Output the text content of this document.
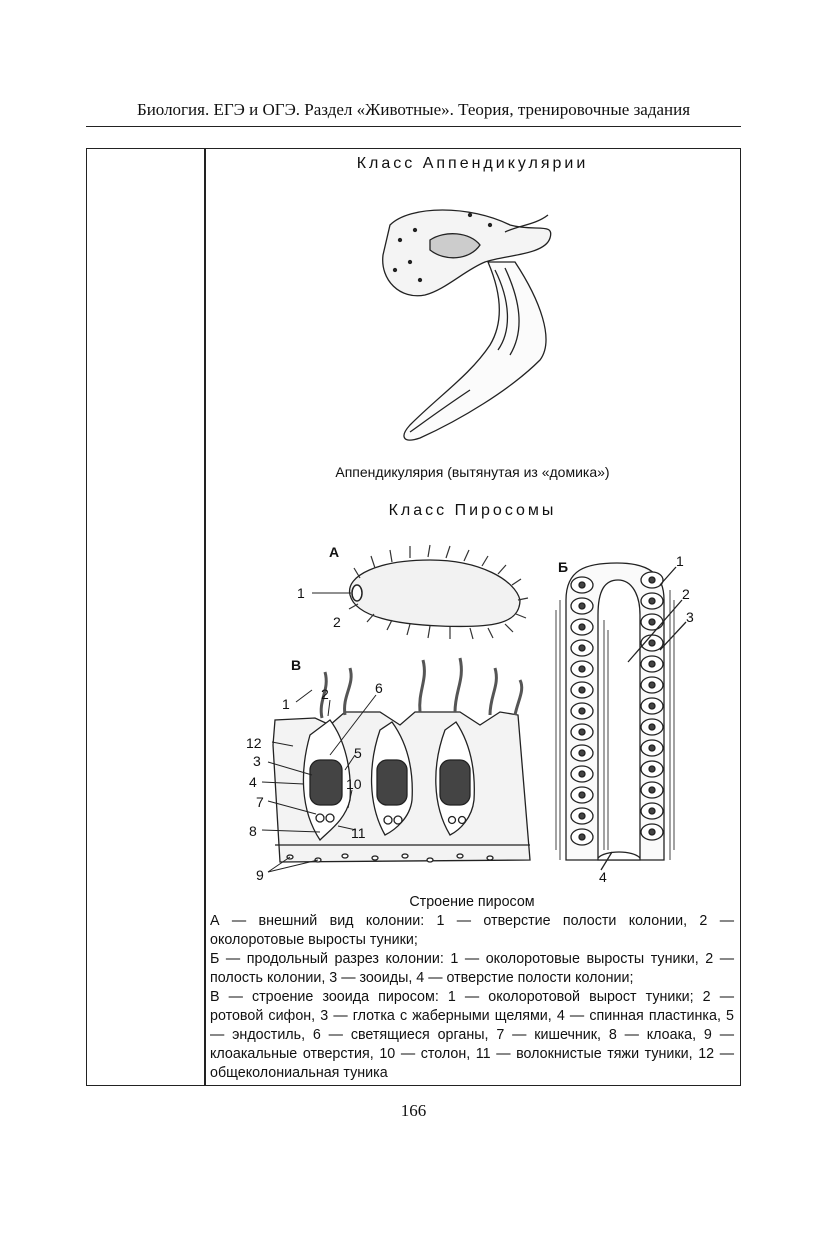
Биология. ЕГЭ и ОГЭ. Раздел «Животные». Теория, тренировочные задания
Класс Аппендикулярии
Аппендикулярия (вытянутая из «домика»)
Класс Пиросомы
А
1
2
Б	1
2
3
4
В
1
2	6
12
3	5
4	10
7
8	11
9
Строение пиросом
А — внешний вид колонии: 1 — отверстие полости колонии, 2 — околоротовые выросты туники;
Б — продольный разрез колонии: 1 — околоротовые выросты туники, 2 — полость колонии, 3 — зооиды, 4 — отверстие полости колонии;
В — строение зооида пиросом: 1 — околоротовой вырост туники; 2 — ротовой сифон, 3 — глотка с жаберными щелями, 4 — спинная пластинка, 5 — эндостиль, 6 — светящиеся органы, 7 — кишечник, 8 — клоака, 9 — клоакальные отверстия, 10 — столон, 11 — волокнистые тяжи туники, 12 — общеколониальная туника
166
